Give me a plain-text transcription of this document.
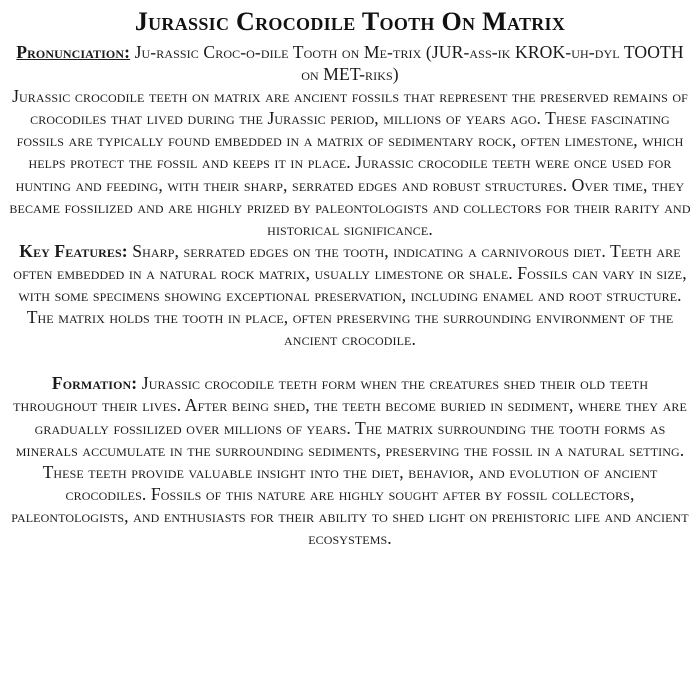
Jurassic Crocodile Tooth On Matrix

Pronunciation: Ju-rassic Croc-o-dile Tooth on Me-trix (JUR-ass-ik KROK-uh-dyl TOOTH on MET-riks)

Jurassic crocodile teeth on matrix are ancient fossils that represent the preserved remains of crocodiles that lived during the Jurassic period, millions of years ago. These fascinating fossils are typically found embedded in a matrix of sedimentary rock, often limestone, which helps protect the fossil and keeps it in place. Jurassic crocodile teeth were once used for hunting and feeding, with their sharp, serrated edges and robust structures. Over time, they became fossilized and are highly prized by paleontologists and collectors for their rarity and historical significance.

Key Features: Sharp, serrated edges on the tooth, indicating a carnivorous diet. Teeth are often embedded in a natural rock matrix, usually limestone or shale. Fossils can vary in size, with some specimens showing exceptional preservation, including enamel and root structure. The matrix holds the tooth in place, often preserving the surrounding environment of the ancient crocodile.

Formation: Jurassic crocodile teeth form when the creatures shed their old teeth throughout their lives. After being shed, the teeth become buried in sediment, where they are gradually fossilized over millions of years. The matrix surrounding the tooth forms as minerals accumulate in the surrounding sediments, preserving the fossil in a natural setting. These teeth provide valuable insight into the diet, behavior, and evolution of ancient crocodiles. Fossils of this nature are highly sought after by fossil collectors, paleontologists, and enthusiasts for their ability to shed light on prehistoric life and ancient ecosystems.
